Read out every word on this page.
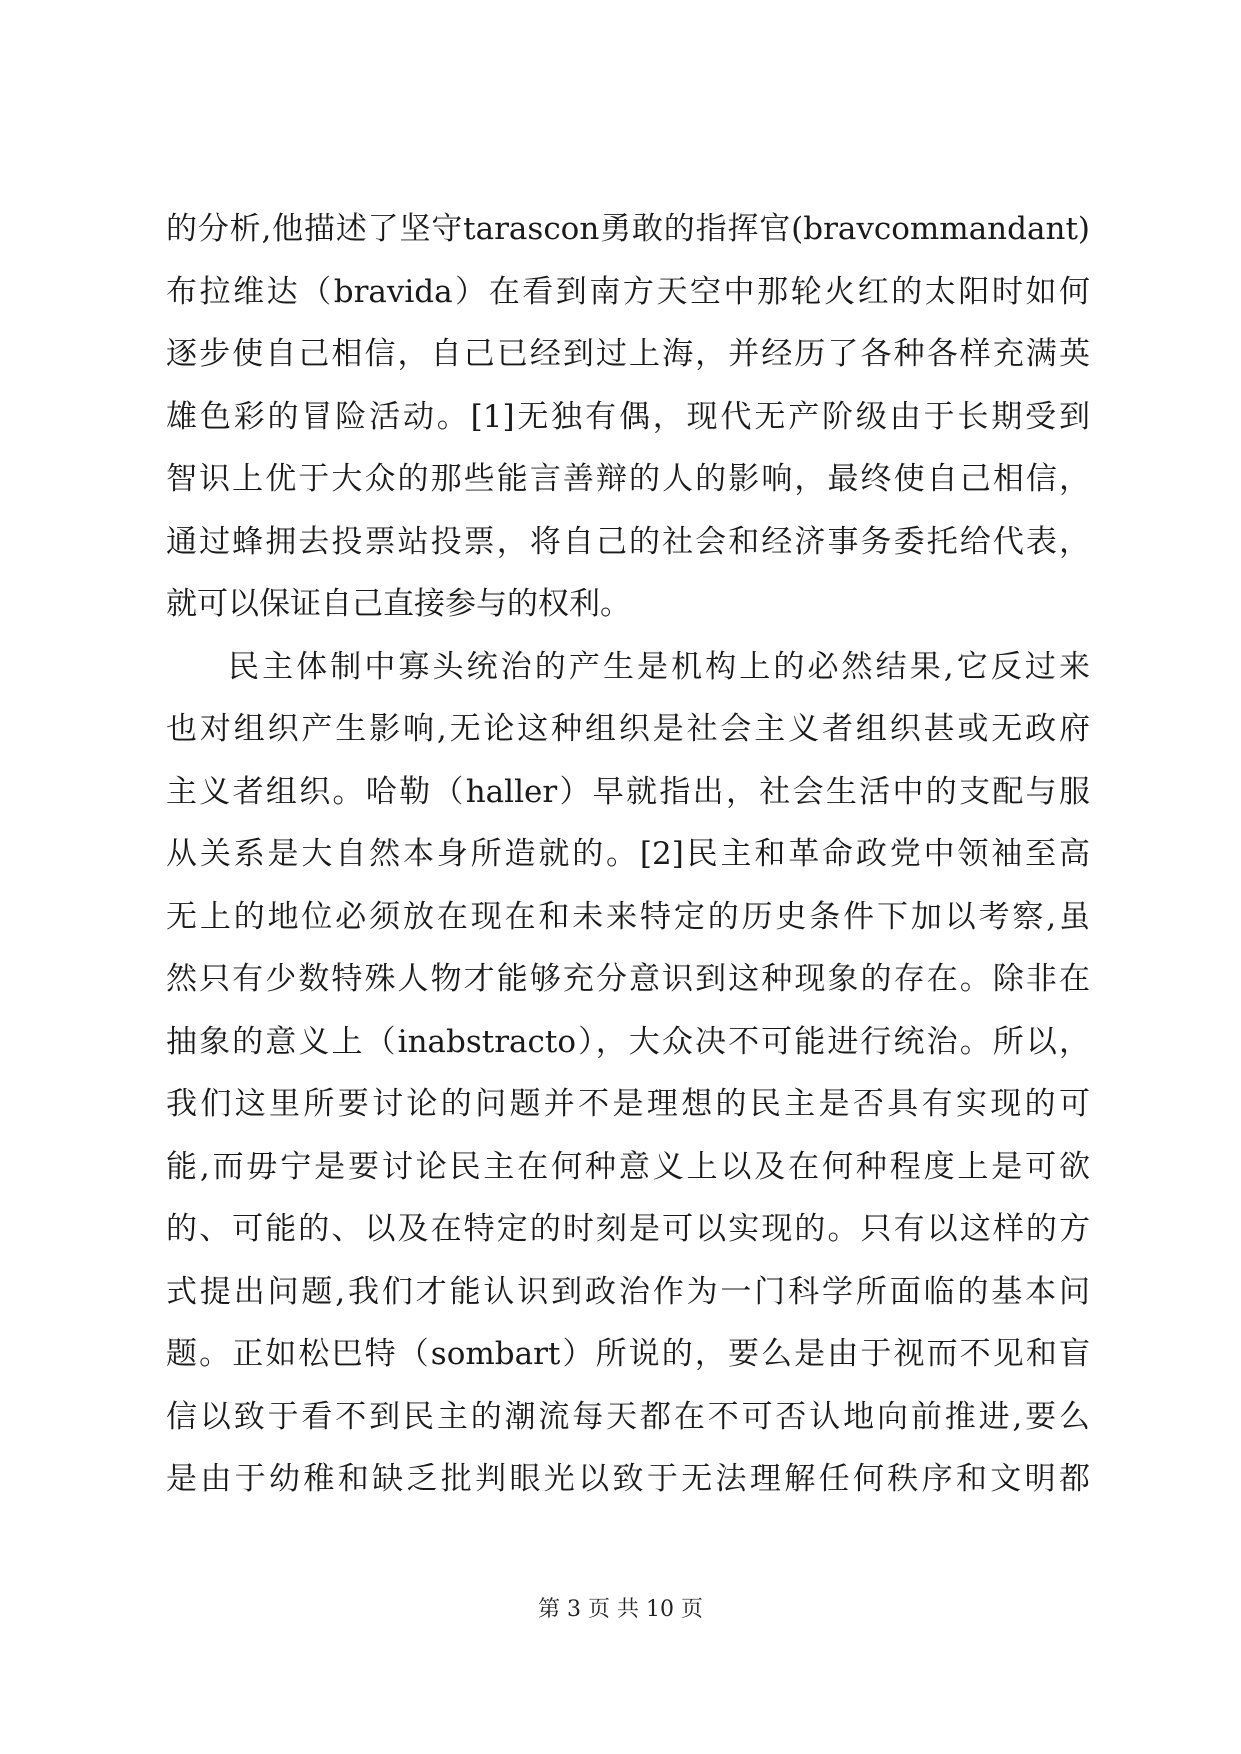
的分析,他描述了坚守tarascon勇敢的指挥官(bravcommandant)
布拉维达（bravida）在看到南方天空中那轮火红的太阳时如何
逐步使自己相信，自己已经到过上海，并经历了各种各样充满英
雄色彩的冒险活动。[1]无独有偶，现代无产阶级由于长期受到
智识上优于大众的那些能言善辩的人的影响，最终使自己相信，
通过蜂拥去投票站投票，将自己的社会和经济事务委托给代表，
就可以保证自己直接参与的权利。
民主体制中寡头统治的产生是机构上的必然结果,它反过来
也对组织产生影响,无论这种组织是社会主义者组织甚或无政府
主义者组织。哈勒（haller）早就指出，社会生活中的支配与服
从关系是大自然本身所造就的。[2]民主和革命政党中领袖至高
无上的地位必须放在现在和未来特定的历史条件下加以考察,虽
然只有少数特殊人物才能够充分意识到这种现象的存在。除非在
抽象的意义上（inabstracto），大众决不可能进行统治。所以，
我们这里所要讨论的问题并不是理想的民主是否具有实现的可
能,而毋宁是要讨论民主在何种意义上以及在何种程度上是可欲
的、可能的、以及在特定的时刻是可以实现的。只有以这样的方
式提出问题,我们才能认识到政治作为一门科学所面临的基本问
题。正如松巴特（sombart）所说的，要么是由于视而不见和盲
信以致于看不到民主的潮流每天都在不可否认地向前推进,要么
是由于幼稚和缺乏批判眼光以致于无法理解任何秩序和文明都
第 3 页 共 10 页
